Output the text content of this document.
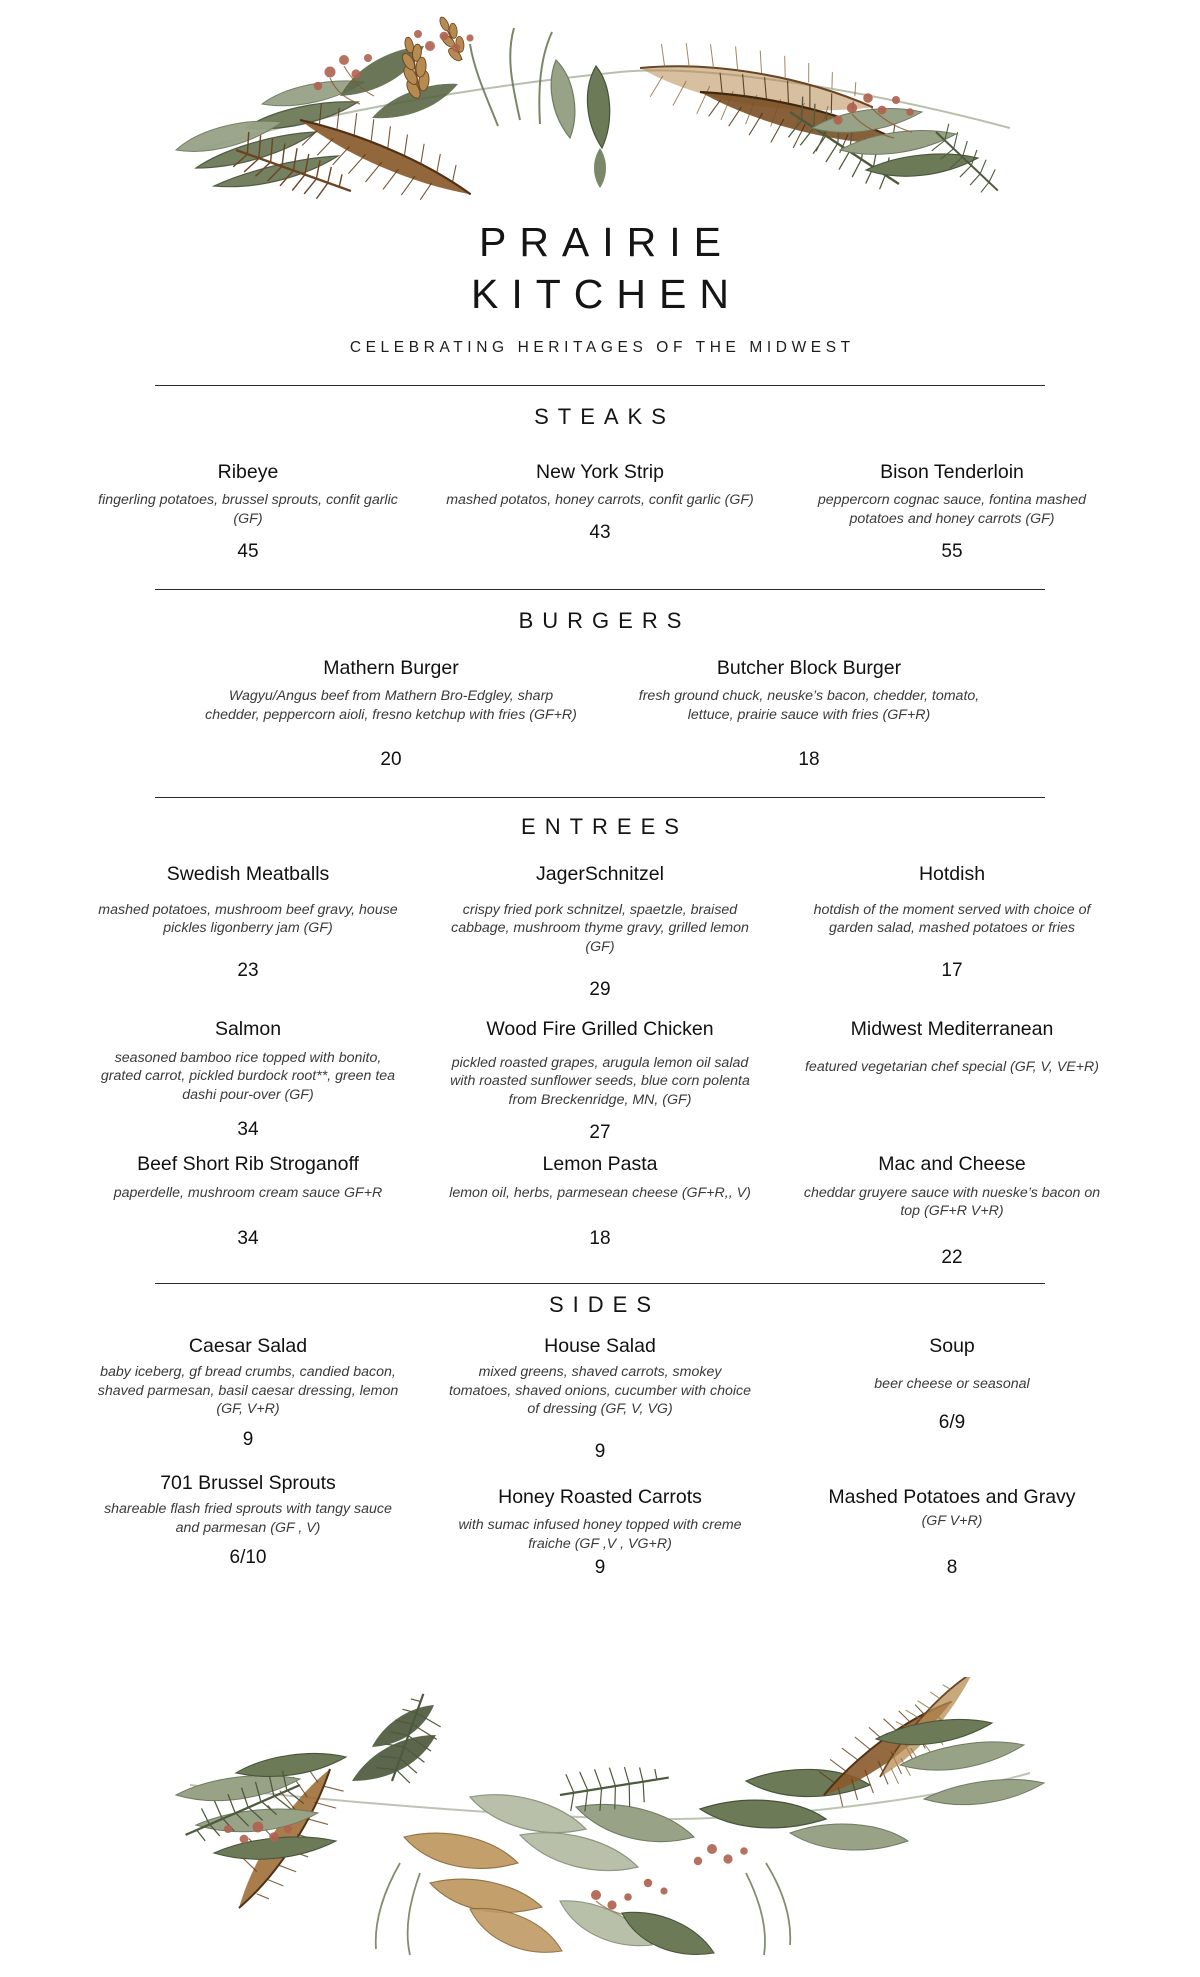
PRAIRIE
KITCHEN
CELEBRATING HERITAGES OF THE MIDWEST
STEAKS
Ribeye
fingerling potatoes, brussel sprouts, confit garlic (GF)
45
New York Strip
mashed potatos, honey carrots, confit garlic (GF)
43
Bison Tenderloin
peppercorn cognac sauce, fontina mashed potatoes and honey carrots (GF)
55
BURGERS
Mathern Burger
Wagyu/Angus beef from Mathern Bro-Edgley, sharp chedder, peppercorn aioli, fresno ketchup with fries (GF+R)
20
Butcher Block Burger
fresh ground chuck, neuske’s bacon, chedder, tomato, lettuce, prairie sauce with fries (GF+R)
18
ENTREES
Swedish Meatballs
mashed potatoes, mushroom beef gravy, house pickles ligonberry jam (GF)
23
JagerSchnitzel
crispy fried pork schnitzel, spaetzle, braised cabbage, mushroom thyme gravy, grilled lemon (GF)
29
Hotdish
hotdish of the moment served with choice of garden salad, mashed potatoes or fries
17
Salmon
seasoned bamboo rice topped with bonito, grated carrot, pickled burdock root**, green tea dashi pour-over (GF)
34
Wood Fire Grilled Chicken
pickled roasted grapes, arugula lemon oil salad with roasted sunflower seeds, blue corn polenta from Breckenridge, MN, (GF)
27
Midwest Mediterranean
featured vegetarian chef special (GF, V, VE+R)
Beef Short Rib Stroganoff
paperdelle, mushroom cream sauce GF+R
34
Lemon Pasta
lemon oil, herbs, parmesean cheese (GF+R,, V)
18
Mac and Cheese
cheddar gruyere sauce with nueske’s bacon on top (GF+R V+R)
22
SIDES
Caesar Salad
baby iceberg, gf bread crumbs, candied bacon, shaved parmesan, basil caesar dressing, lemon (GF, V+R)
9
House Salad
mixed greens, shaved carrots, smokey tomatoes, shaved onions, cucumber with choice of dressing (GF, V, VG)
9
Soup
beer cheese or seasonal
6/9
701 Brussel Sprouts
shareable flash fried sprouts with tangy sauce and parmesan (GF , V)
6/10
Honey Roasted Carrots
with sumac infused honey topped with creme fraiche (GF ,V , VG+R)
9
Mashed Potatoes and Gravy
(GF V+R)
8
